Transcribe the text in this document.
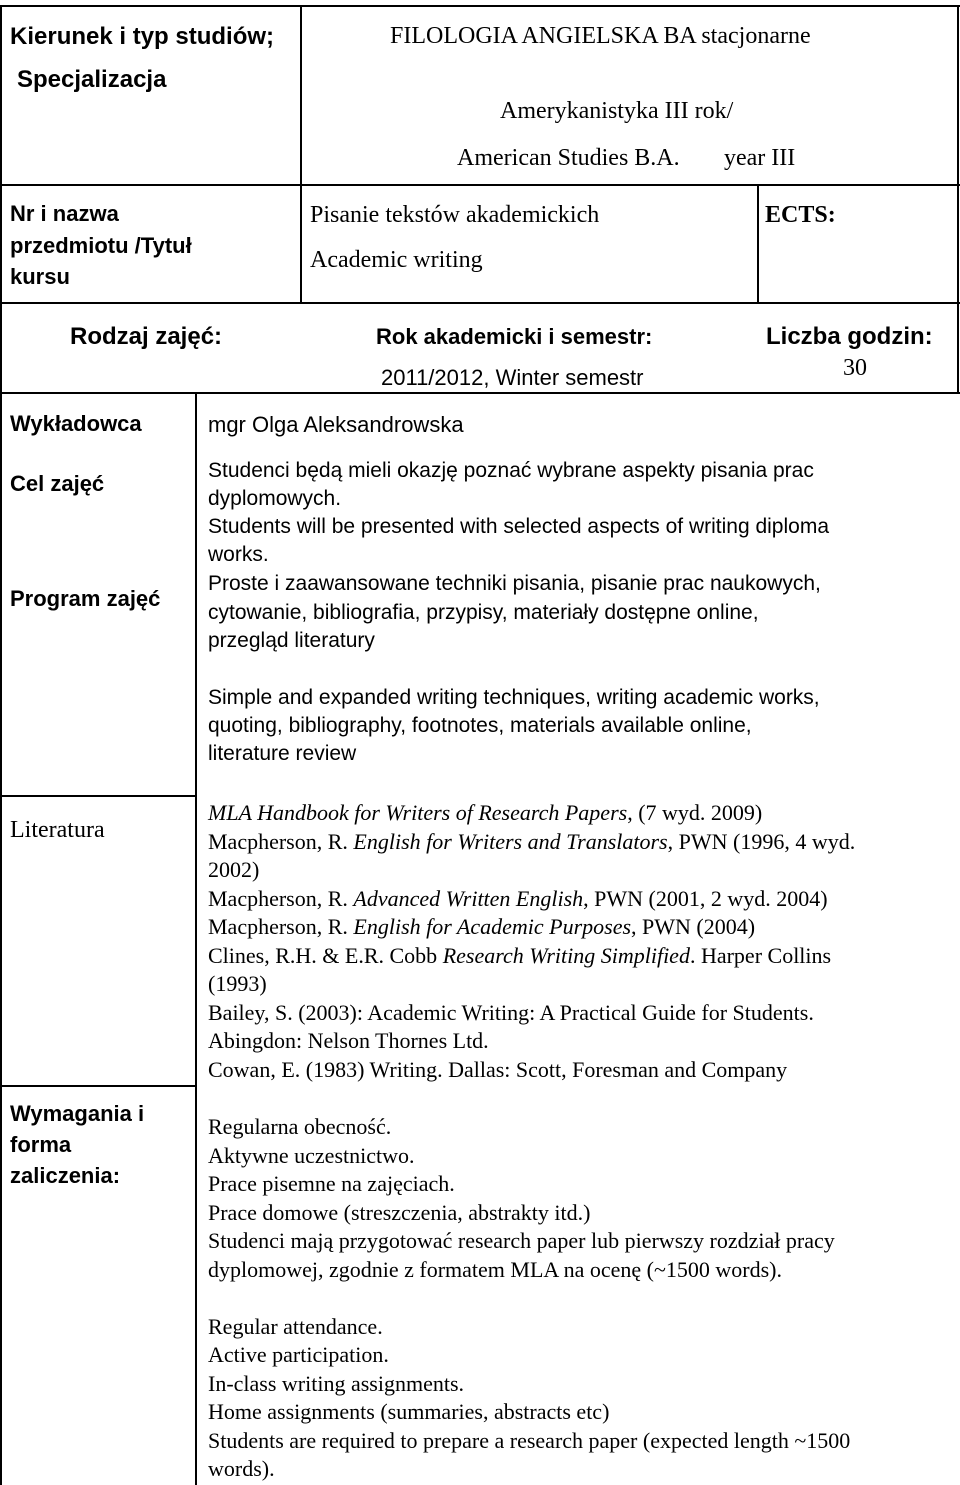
Kierunek i typ studiów;
Specjalizacja
FILOLOGIA ANGIELSKA BA stacjonarne
Amerykanistyka III rok/
American Studies B.A. year III
Nr i nazwa
przedmiotu /Tytuł
kursu
Pisanie tekstów akademickich
Academic writing
ECTS:
Rodzaj zajęć:	Rok akademicki i semestr:
2011/2012, Winter semestr
Liczba godzin:
30
Wykładowca	mgr Olga Aleksandrowska
Cel zajęć
Studenci będą mieli okazję poznać wybrane aspekty pisania prac
dyplomowych.
Students will be presented with selected aspects of writing diploma
works.
Program zajęć
Proste i zaawansowane techniki pisania, pisanie prac naukowych,
cytowanie, bibliografia, przypisy, materiały dostępne online,
przegląd literatury
Simple and expanded writing techniques, writing academic works,
quoting, bibliography, footnotes, materials available online,
literature review
Literatura
MLA Handbook for Writers of Research Papers, (7 wyd. 2009)
Macpherson, R. English for Writers and Translators, PWN (1996, 4 wyd.
2002)
Macpherson, R. Advanced Written English, PWN (2001, 2 wyd. 2004)
Macpherson, R. English for Academic Purposes, PWN (2004)
Clines, R.H. & E.R. Cobb Research Writing Simplified. Harper Collins
(1993)
Bailey, S. (2003): Academic Writing: A Practical Guide for Students.
Abingdon: Nelson Thornes Ltd.
Cowan, E. (1983) Writing. Dallas: Scott, Foresman and Company
Wymagania i
forma
zaliczenia:
Regularna obecność.
Aktywne uczestnictwo.
Prace pisemne na zajęciach.
Prace domowe (streszczenia, abstrakty itd.)
Studenci mają przygotować research paper lub pierwszy rozdział pracy
dyplomowej, zgodnie z formatem MLA na ocenę (~1500 words).
Regular attendance.
Active participation.
In-class writing assignments.
Home assignments (summaries, abstracts etc)
Students are required to prepare a research paper (expected length ~1500
words).
